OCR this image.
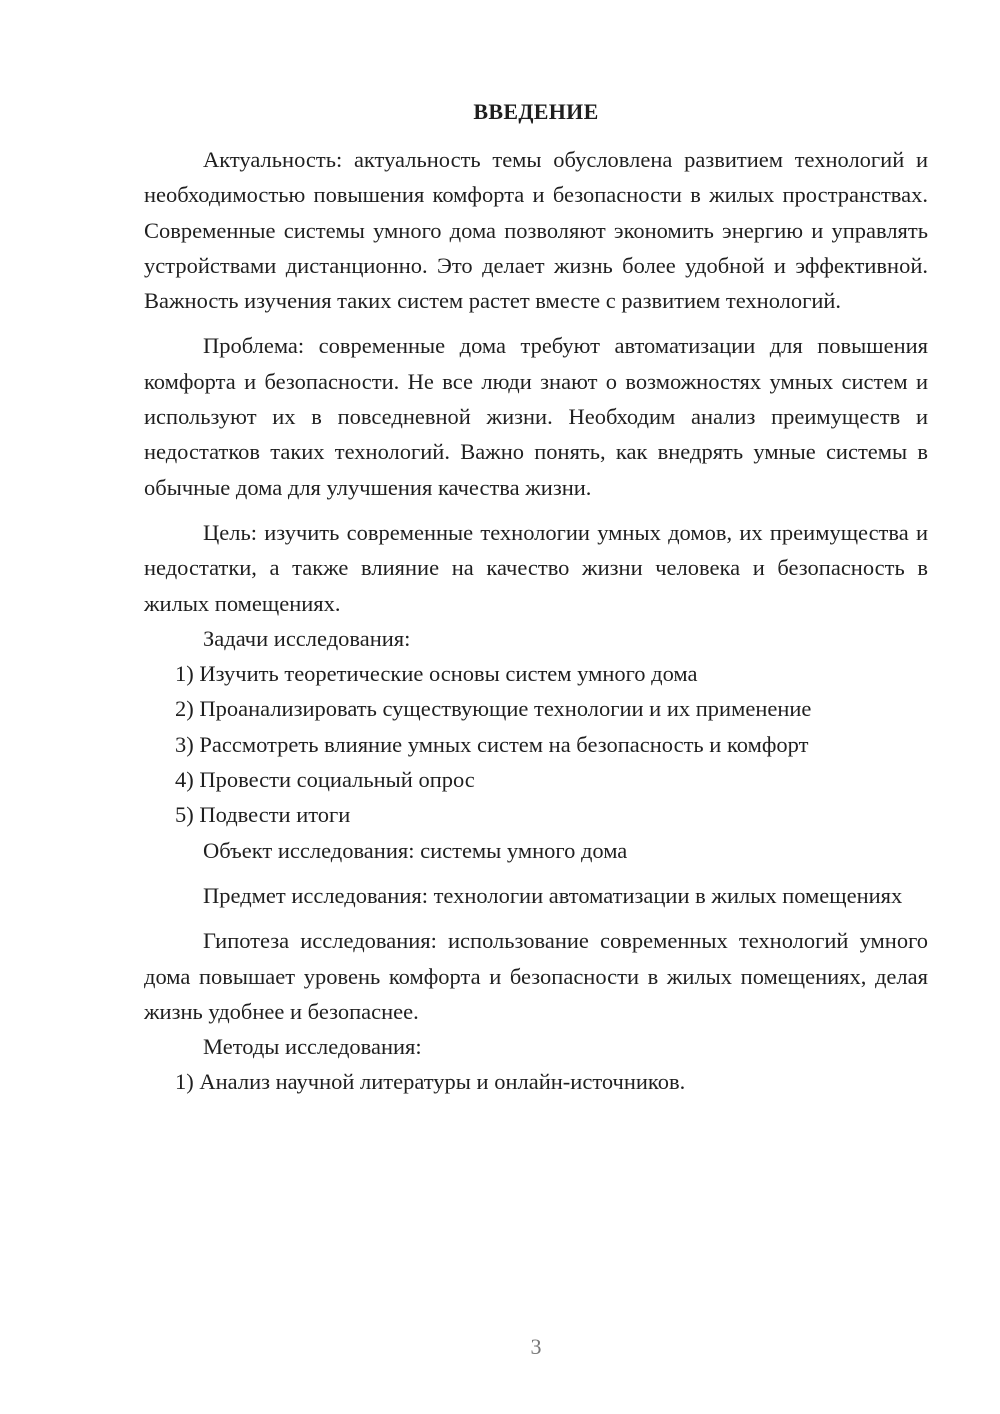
ВВЕДЕНИЕ

Актуальность: актуальность темы обусловлена развитием технологий и необходимостью повышения комфорта и безопасности в жилых пространствах. Современные системы умного дома позволяют экономить энергию и управлять устройствами дистанционно. Это делает жизнь более удобной и эффективной. Важность изучения таких систем растет вместе с развитием технологий.

Проблема: современные дома требуют автоматизации для повышения комфорта и безопасности. Не все люди знают о возможностях умных систем и используют их в повседневной жизни. Необходим анализ преимуществ и недостатков таких технологий. Важно понять, как внедрять умные системы в обычные дома для улучшения качества жизни.

Цель: изучить современные технологии умных домов, их преимущества и недостатки, а также влияние на качество жизни человека и безопасность в жилых помещениях.

Задачи исследования:

1) Изучить теоретические основы систем умного дома

2) Проанализировать существующие технологии и их применение

3) Рассмотреть влияние умных систем на безопасность и комфорт

4) Провести социальный опрос

5) Подвести итоги

Объект исследования: системы умного дома

Предмет исследования: технологии автоматизации в жилых помещениях

Гипотеза исследования: использование современных технологий умного дома повышает уровень комфорта и безопасности в жилых помещениях, делая жизнь удобнее и безопаснее.

Методы исследования:

1) Анализ научной литературы и онлайн-источников.

3
